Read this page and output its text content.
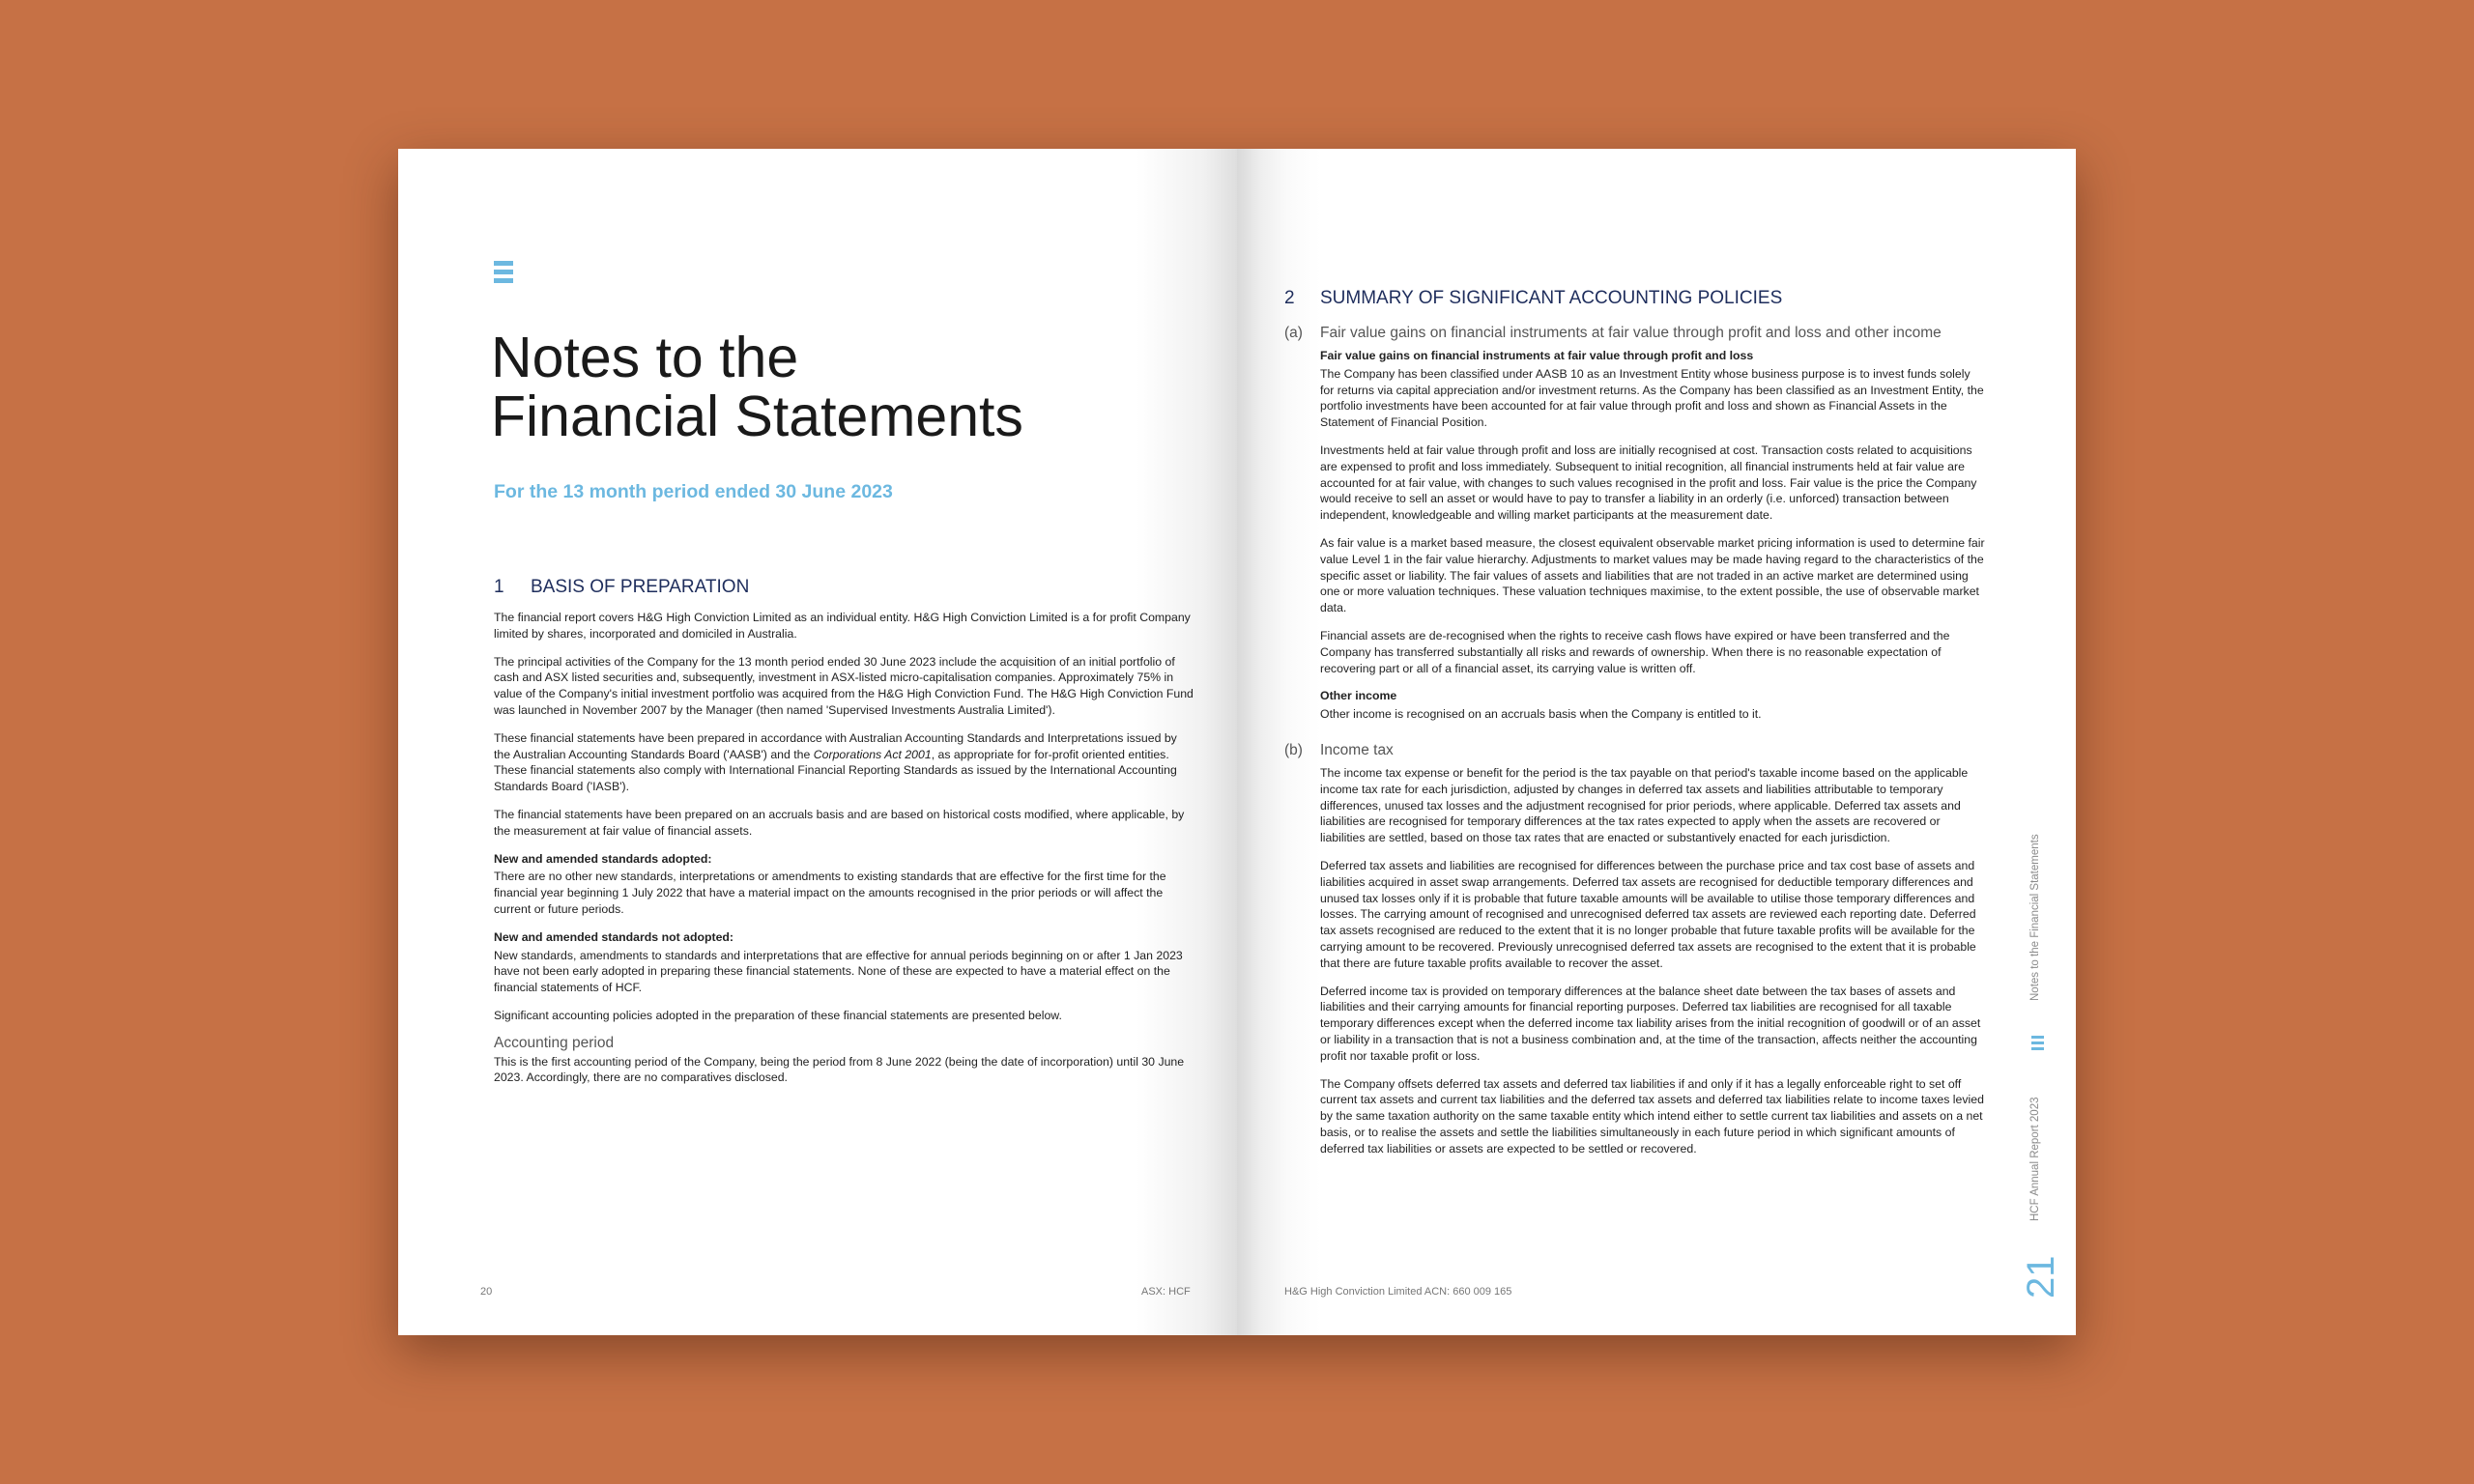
Notes to the
Financial Statements
For the 13 month period ended 30 June 2023
1 BASIS OF PREPARATION

The financial report covers H&G High Conviction Limited as an individual entity. H&G High Conviction Limited is a for profit Company limited by shares, incorporated and domiciled in Australia.

The principal activities of the Company for the 13 month period ended 30 June 2023 include the acquisition of an initial portfolio of cash and ASX listed securities and, subsequently, investment in ASX-listed micro-capitalisation companies. Approximately 75% in value of the Company's initial investment portfolio was acquired from the H&G High Conviction Fund. The H&G High Conviction Fund was launched in November 2007 by the Manager (then named 'Supervised Investments Australia Limited').

These financial statements have been prepared in accordance with Australian Accounting Standards and Interpretations issued by the Australian Accounting Standards Board ('AASB') and the Corporations Act 2001, as appropriate for for-profit oriented entities. These financial statements also comply with International Financial Reporting Standards as issued by the International Accounting Standards Board ('IASB').

The financial statements have been prepared on an accruals basis and are based on historical costs modified, where applicable, by the measurement at fair value of financial assets.

New and amended standards adopted:

There are no other new standards, interpretations or amendments to existing standards that are effective for the first time for the financial year beginning 1 July 2022 that have a material impact on the amounts recognised in the prior periods or will affect the current or future periods.

New and amended standards not adopted:

New standards, amendments to standards and interpretations that are effective for annual periods beginning on or after 1 Jan 2023 have not been early adopted in preparing these financial statements. None of these are expected to have a material effect on the financial statements of HCF.

Significant accounting policies adopted in the preparation of these financial statements are presented below.

Accounting period

This is the first accounting period of the Company, being the period from 8 June 2022 (being the date of incorporation) until 30 June 2023. Accordingly, there are no comparatives disclosed.

20	ASX: HCF
2 SUMMARY OF SIGNIFICANT ACCOUNTING POLICIES
(a) Fair value gains on financial instruments at fair value through profit and loss and other income

Fair value gains on financial instruments at fair value through profit and loss

The Company has been classified under AASB 10 as an Investment Entity whose business purpose is to invest funds solely for returns via capital appreciation and/or investment returns. As the Company has been classified as an Investment Entity, the portfolio investments have been accounted for at fair value through profit and loss and shown as Financial Assets in the Statement of Financial Position.

Investments held at fair value through profit and loss are initially recognised at cost. Transaction costs related to acquisitions are expensed to profit and loss immediately. Subsequent to initial recognition, all financial instruments held at fair value are accounted for at fair value, with changes to such values recognised in the profit and loss. Fair value is the price the Company would receive to sell an asset or would have to pay to transfer a liability in an orderly (i.e. unforced) transaction between independent, knowledgeable and willing market participants at the measurement date.

As fair value is a market based measure, the closest equivalent observable market pricing information is used to determine fair value Level 1 in the fair value hierarchy. Adjustments to market values may be made having regard to the characteristics of the specific asset or liability. The fair values of assets and liabilities that are not traded in an active market are determined using one or more valuation techniques. These valuation techniques maximise, to the extent possible, the use of observable market data.

Financial assets are de-recognised when the rights to receive cash flows have expired or have been transferred and the Company has transferred substantially all risks and rewards of ownership. When there is no reasonable expectation of recovering part or all of a financial asset, its carrying value is written off.

Other income

Other income is recognised on an accruals basis when the Company is entitled to it.

(b) Income tax

The income tax expense or benefit for the period is the tax payable on that period's taxable income based on the applicable income tax rate for each jurisdiction, adjusted by changes in deferred tax assets and liabilities attributable to temporary differences, unused tax losses and the adjustment recognised for prior periods, where applicable. Deferred tax assets and liabilities are recognised for temporary differences at the tax rates expected to apply when the assets are recovered or liabilities are settled, based on those tax rates that are enacted or substantively enacted for each jurisdiction.

Deferred tax assets and liabilities are recognised for differences between the purchase price and tax cost base of assets and liabilities acquired in asset swap arrangements. Deferred tax assets are recognised for deductible temporary differences and unused tax losses only if it is probable that future taxable amounts will be available to utilise those temporary differences and losses. The carrying amount of recognised and unrecognised deferred tax assets are reviewed each reporting date. Deferred tax assets recognised are reduced to the extent that it is no longer probable that future taxable profits will be available for the carrying amount to be recovered. Previously unrecognised deferred tax assets are recognised to the extent that it is probable that there are future taxable profits available to recover the asset.

Deferred income tax is provided on temporary differences at the balance sheet date between the tax bases of assets and liabilities and their carrying amounts for financial reporting purposes. Deferred tax liabilities are recognised for all taxable temporary differences except when the deferred income tax liability arises from the initial recognition of goodwill or of an asset or liability in a transaction that is not a business combination and, at the time of the transaction, affects neither the accounting profit nor taxable profit or loss.

The Company offsets deferred tax assets and deferred tax liabilities if and only if it has a legally enforceable right to set off current tax assets and current tax liabilities and the deferred tax assets and deferred tax liabilities relate to income taxes levied by the same taxation authority on the same taxable entity which intend either to settle current tax liabilities and assets on a net basis, or to realise the assets and settle the liabilities simultaneously in each future period in which significant amounts of deferred tax liabilities or assets are expected to be settled or recovered.

H&G High Conviction Limited ACN: 660 009 165
Notes to the Financial Statements
HCF Annual Report 2023
21
